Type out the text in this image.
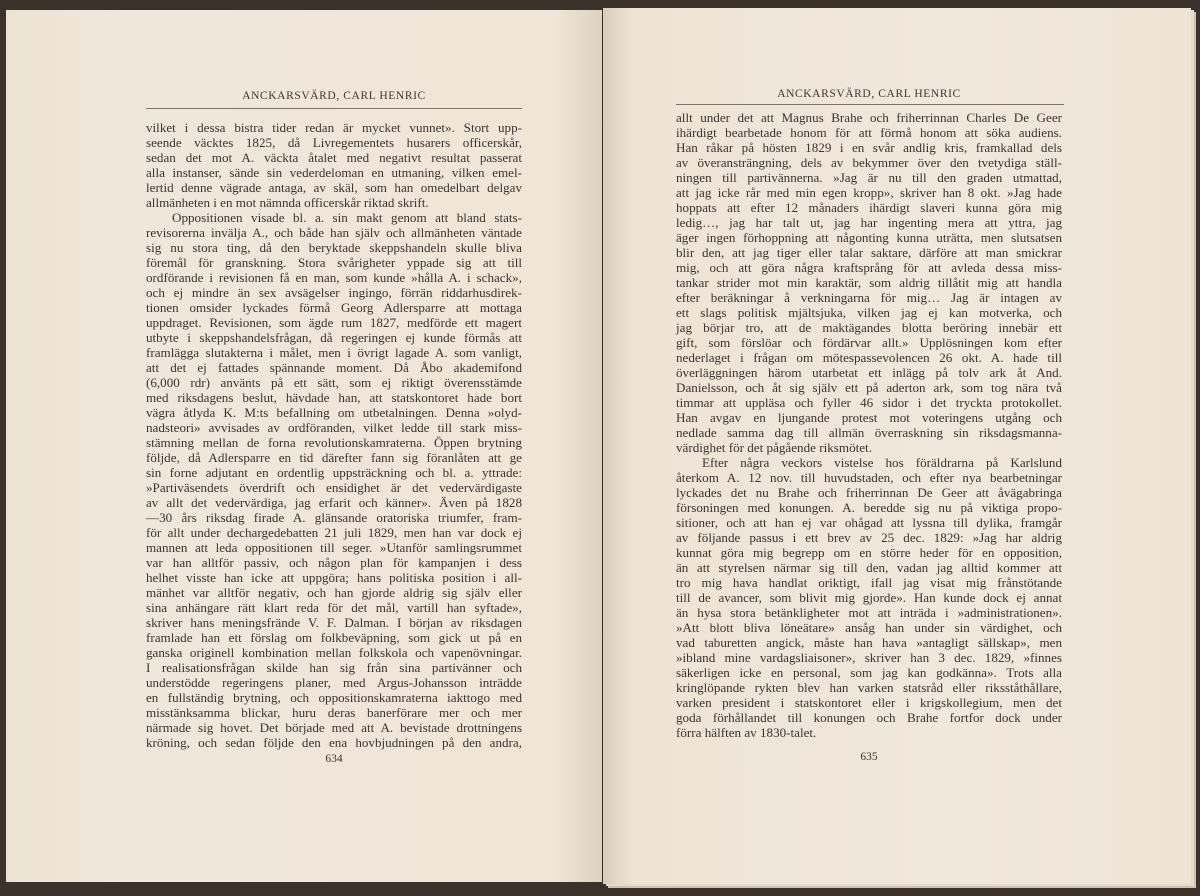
ANCKARSVÄRD, CARL HENRIC
vilket i dessa bistra tider redan är mycket vunnet». Stort upp-
seende väcktes 1825, då Livregementets husarers officerskår,
sedan det mot A. väckta åtalet med negativt resultat passerat
alla instanser, sände sin vederdeloman en utmaning, vilken emel-
lertid denne vägrade antaga, av skäl, som han omedelbart delgav
allmänheten i en mot nämnda officerskår riktad skrift.
Oppositionen visade bl. a. sin makt genom att bland stats-
revisorerna invälja A., och både han själv och allmänheten väntade
sig nu stora ting, då den beryktade skeppshandeln skulle bliva
föremål för granskning. Stora svårigheter yppade sig att till
ordförande i revisionen få en man, som kunde »hålla A. i schack»,
och ej mindre än sex avsägelser ingingo, förrän riddarhusdirek-
tionen omsider lyckades förmå Georg Adlersparre att mottaga
uppdraget. Revisionen, som ägde rum 1827, medförde ett magert
utbyte i skeppshandelsfrågan, då regeringen ej kunde förmås att
framlägga slutakterna i målet, men i övrigt lagade A. som vanligt,
att det ej fattades spännande moment. Då Åbo akademifond
(6,000 rdr) använts på ett sätt, som ej riktigt överensstämde
med riksdagens beslut, hävdade han, att statskontoret hade bort
vägra åtlyda K. M:ts befallning om utbetalningen. Denna »olyd-
nadsteori» avvisades av ordföranden, vilket ledde till stark miss-
stämning mellan de forna revolutionskamraterna. Öppen brytning
följde, då Adlersparre en tid därefter fann sig föranlåten att ge
sin forne adjutant en ordentlig uppsträckning och bl. a. yttrade:
»Partiväsendets överdrift och ensidighet är det vedervärdigaste
av allt det vedervärdiga, jag erfarit och känner». Även på 1828
—30 års riksdag firade A. glänsande oratoriska triumfer, fram-
för allt under dechargedebatten 21 juli 1829, men han var dock ej
mannen att leda oppositionen till seger. »Utanför samlingsrummet
var han alltför passiv, och någon plan för kampanjen i dess
helhet visste han icke att uppgöra; hans politiska position i all-
mänhet var alltför negativ, och han gjorde aldrig sig själv eller
sina anhängare rätt klart reda för det mål, vartill han syftade»,
skriver hans meningsfrände V. F. Dalman. I början av riksdagen
framlade han ett förslag om folkbeväpning, som gick ut på en
ganska originell kombination mellan folkskola och vapenövningar.
I realisationsfrågan skilde han sig från sina partivänner och
understödde regeringens planer, med Argus-Johansson inträdde
en fullständig brytning, och oppositionskamraterna iakttogo med
misstänksamma blickar, huru deras banerförare mer och mer
närmade sig hovet. Det började med att A. bevistade drottningens
kröning, och sedan följde den ena hovbjudningen på den andra,
634
ANCKARSVÄRD, CARL HENRIC
allt under det att Magnus Brahe och friherrinnan Charles De Geer
ihärdigt bearbetade honom för att förmå honom att söka audiens.
Han råkar på hösten 1829 i en svår andlig kris, framkallad dels
av överansträngning, dels av bekymmer över den tvetydiga ställ-
ningen till partivännerna. »Jag är nu till den graden utmattad,
att jag icke rår med min egen kropp», skriver han 8 okt. »Jag hade
hoppats att efter 12 månaders ihärdigt slaveri kunna göra mig
ledig…, jag har talt ut, jag har ingenting mera att yttra, jag
äger ingen förhoppning att någonting kunna uträtta, men slutsatsen
blir den, att jag tiger eller talar saktare, därföre att man smickrar
mig, och att göra några kraftsprång för att avleda dessa miss-
tankar strider mot min karaktär, som aldrig tillåtit mig att handla
efter beräkningar å verkningarna för mig… Jag är intagen av
ett slags politisk mjältsjuka, vilken jag ej kan motverka, och
jag börjar tro, att de maktägandes blotta beröring innebär ett
gift, som förslöar och fördärvar allt.» Upplösningen kom efter
nederlaget i frågan om mötespassevolencen 26 okt. A. hade till
överläggningen härom utarbetat ett inlägg på tolv ark åt And.
Danielsson, och åt sig själv ett på aderton ark, som tog nära två
timmar att uppläsa och fyller 46 sidor i det tryckta protokollet.
Han avgav en ljungande protest mot voteringens utgång och
nedlade samma dag till allmän överraskning sin riksdagsmanna-
värdighet för det pågående riksmötet.
Efter några veckors vistelse hos föräldrarna på Karlslund
återkom A. 12 nov. till huvudstaden, och efter nya bearbetningar
lyckades det nu Brahe och friherrinnan De Geer att åvägabringa
försoningen med konungen. A. beredde sig nu på viktiga propo-
sitioner, och att han ej var ohågad att lyssna till dylika, framgår
av följande passus i ett brev av 25 dec. 1829: »Jag har aldrig
kunnat göra mig begrepp om en större heder för en opposition,
än att styrelsen närmar sig till den, vadan jag alltid kommer att
tro mig hava handlat oriktigt, ifall jag visat mig frånstötande
till de avancer, som blivit mig gjorde». Han kunde dock ej annat
än hysa stora betänkligheter mot att inträda i »administrationen».
»Att blott bliva löneätare» ansåg han under sin värdighet, och
vad taburetten angick, måste han hava »antagligt sällskap», men
»ibland mine vardagsliaisoner», skriver han 3 dec. 1829, »finnes
säkerligen icke en personal, som jag kan godkänna». Trots alla
kringlöpande rykten blev han varken statsråd eller riksståthållare,
varken president i statskontoret eller i krigskollegium, men det
goda förhållandet till konungen och Brahe fortfor dock under
förra hälften av 1830-talet.
635
